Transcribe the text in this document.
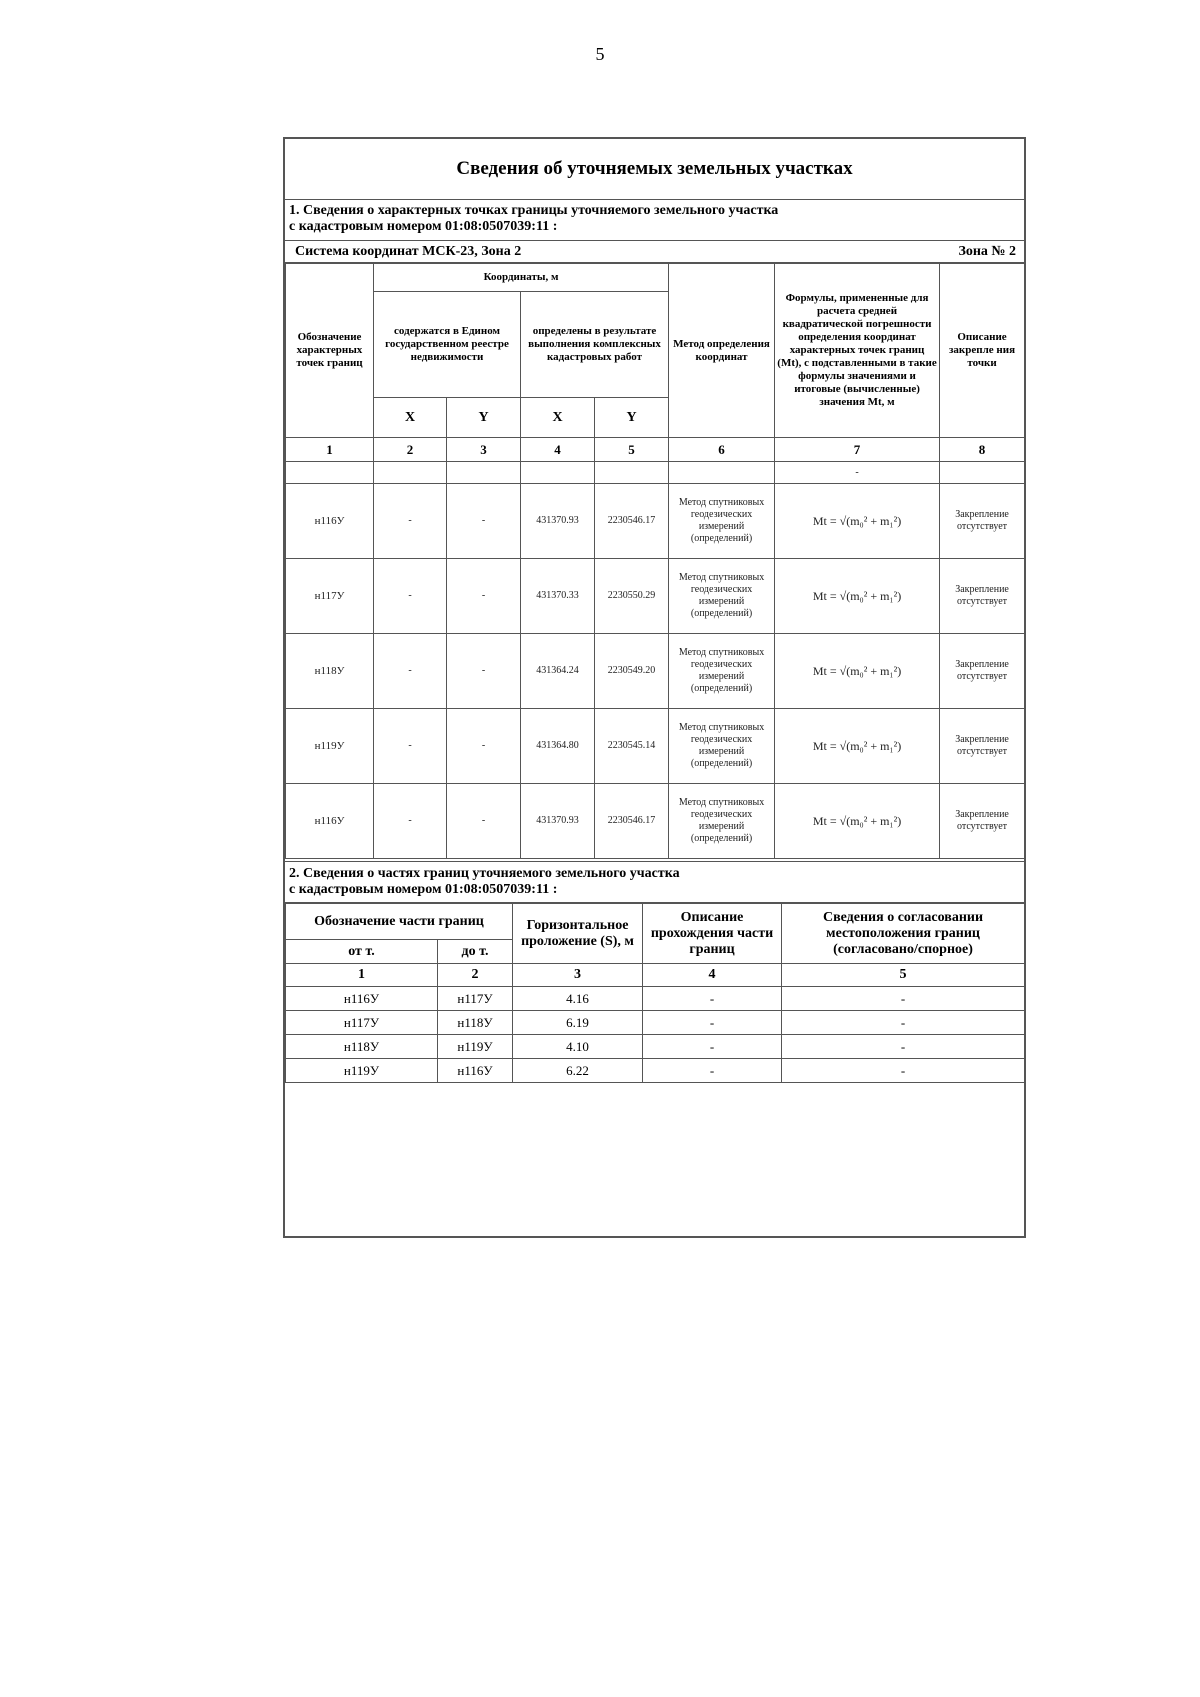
5
Сведения об уточняемых земельных участках
1. Сведения о характерных точках границы уточняемого земельного участка
с кадастровым номером 01:08:0507039:11 :
Система координат МСК-23, Зона 2	Зона № 2
Обозначение характерных точек границ	Координаты, м				Метод определения координат	Формулы, примененные для расчета средней квадратической погрешности определения координат характерных точек границ (Mt), с подставленными в такие формулы значениями и итоговые (вычисленные) значения Mt, м	Описание закрепле ния точки
	содержатся в Едином государственном реестре недвижимости		определены в результате выполнения комплексных кадастровых работ				
	X	Y	X	Y			
1	2	3	4	5	6	7	8
						-	
н116У	-	-	431370.93	2230546.17	Метод спутниковых геодезических измерений (определений)	Mt = √(m₀² + m₁²)	Закрепление отсутствует
н117У	-	-	431370.33	2230550.29	Метод спутниковых геодезических измерений (определений)	Mt = √(m₀² + m₁²)	Закрепление отсутствует
н118У	-	-	431364.24	2230549.20	Метод спутниковых геодезических измерений (определений)	Mt = √(m₀² + m₁²)	Закрепление отсутствует
н119У	-	-	431364.80	2230545.14	Метод спутниковых геодезических измерений (определений)	Mt = √(m₀² + m₁²)	Закрепление отсутствует
н116У	-	-	431370.93	2230546.17	Метод спутниковых геодезических измерений (определений)	Mt = √(m₀² + m₁²)	Закрепление отсутствует
2. Сведения о частях границ уточняемого земельного участка
с кадастровым номером 01:08:0507039:11 :
Обозначение части границ		Горизонтальное проложение (S), м	Описание прохождения части границ	Сведения о согласовании местоположения границ (согласовано/спорное)
от т.	до т.			
1	2	3	4	5
н116У	н117У	4.16	-	-
н117У	н118У	6.19	-	-
н118У	н119У	4.10	-	-
н119У	н116У	6.22	-	-
